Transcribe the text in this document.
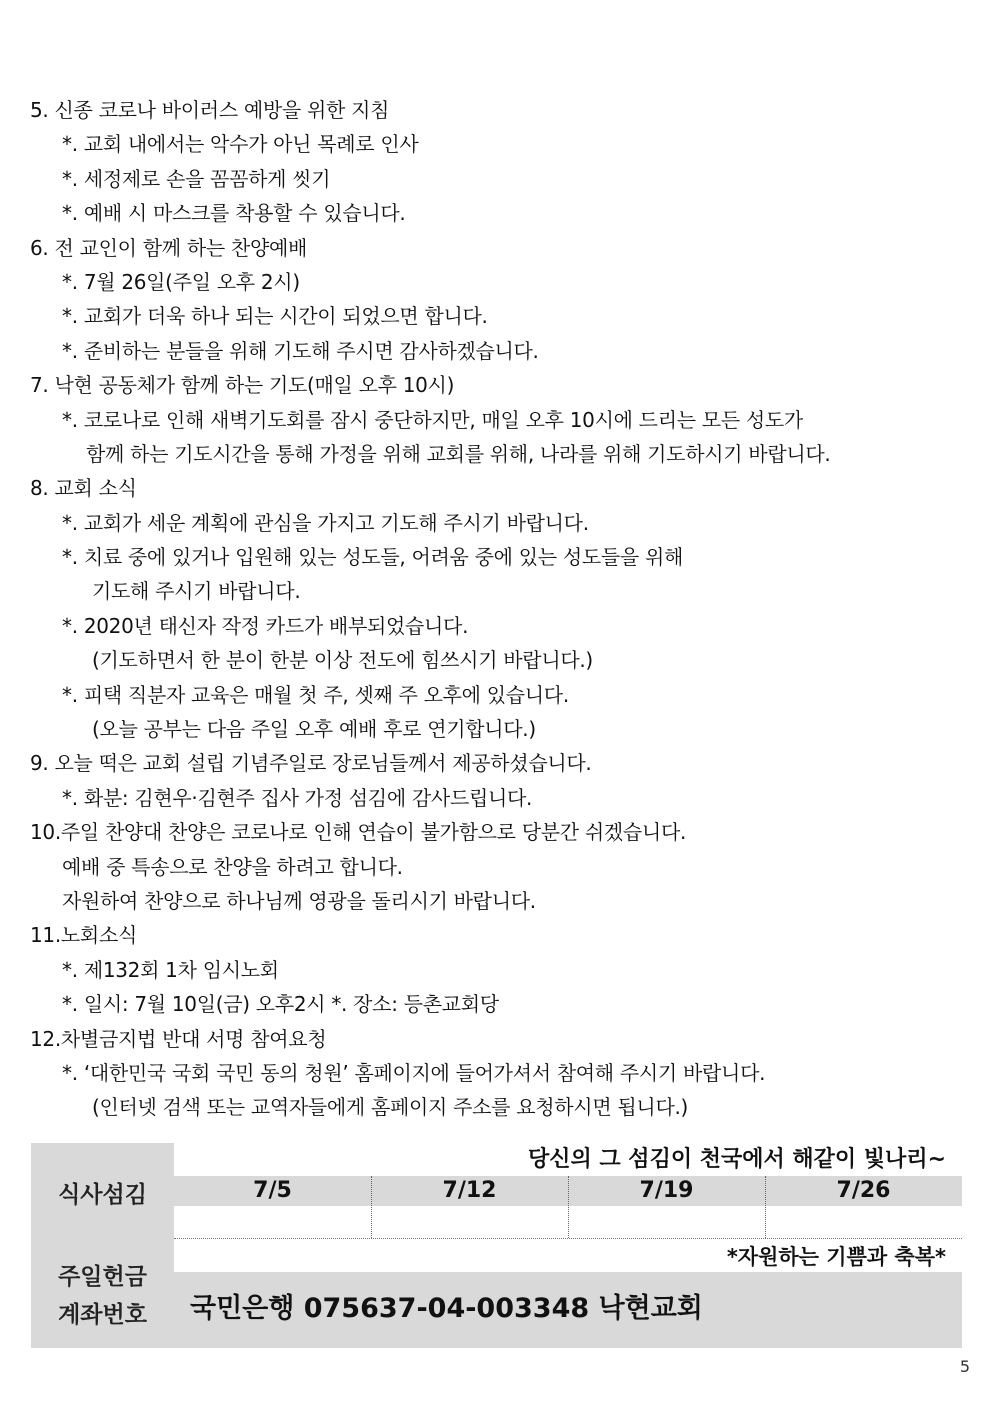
5. 신종 코로나 바이러스 예방을 위한 지침
*. 교회 내에서는 악수가 아닌 목례로 인사
*. 세정제로 손을 꼼꼼하게 씻기
*. 예배 시 마스크를 착용할 수 있습니다.
6. 전 교인이 함께 하는 찬양예배
*. 7월 26일(주일 오후 2시)
*. 교회가 더욱 하나 되는 시간이 되었으면 합니다.
*. 준비하는 분들을 위해 기도해 주시면 감사하겠습니다.
7. 낙현 공동체가 함께 하는 기도(매일 오후 10시)
*. 코로나로 인해 새벽기도회를 잠시 중단하지만, 매일 오후 10시에 드리는 모든 성도가
함께 하는 기도시간을 통해 가정을 위해 교회를 위해, 나라를 위해 기도하시기 바랍니다.
8. 교회 소식
*. 교회가 세운 계획에 관심을 가지고 기도해 주시기 바랍니다.
*. 치료 중에 있거나 입원해 있는 성도들, 어려움 중에 있는 성도들을 위해
기도해 주시기 바랍니다.
*. 2020년 태신자 작정 카드가 배부되었습니다.
(기도하면서 한 분이 한분 이상 전도에 힘쓰시기 바랍니다.)
*. 피택 직분자 교육은 매월 첫 주, 셋째 주 오후에 있습니다.
(오늘 공부는 다음 주일 오후 예배 후로 연기합니다.)
9. 오늘 떡은 교회 설립 기념주일로 장로님들께서 제공하셨습니다.
*. 화분: 김현우·김현주 집사 가정 섬김에 감사드립니다.
10.주일 찬양대 찬양은 코로나로 인해 연습이 불가함으로 당분간 쉬겠습니다.
예배 중 특송으로 찬양을 하려고 합니다.
자원하여 찬양으로 하나님께 영광을 돌리시기 바랍니다.
11.노회소식
*. 제132회 1차 임시노회
*. 일시: 7월 10일(금) 오후2시 *. 장소: 등촌교회당
12.차별금지법 반대 서명 참여요청
*. ‘대한민국 국회 국민 동의 청원’ 홈페이지에 들어가셔서 참여해 주시기 바랍니다.
(인터넷 검색 또는 교역자들에게 홈페이지 주소를 요청하시면 됩니다.)
식사섬김
주일헌금
계좌번호
당신의 그 섬김이 천국에서 해같이 빛나리~
7/5	7/12	7/19	7/26
*자원하는 기쁨과 축복*
국민은행 075637-04-003348 낙현교회
5
